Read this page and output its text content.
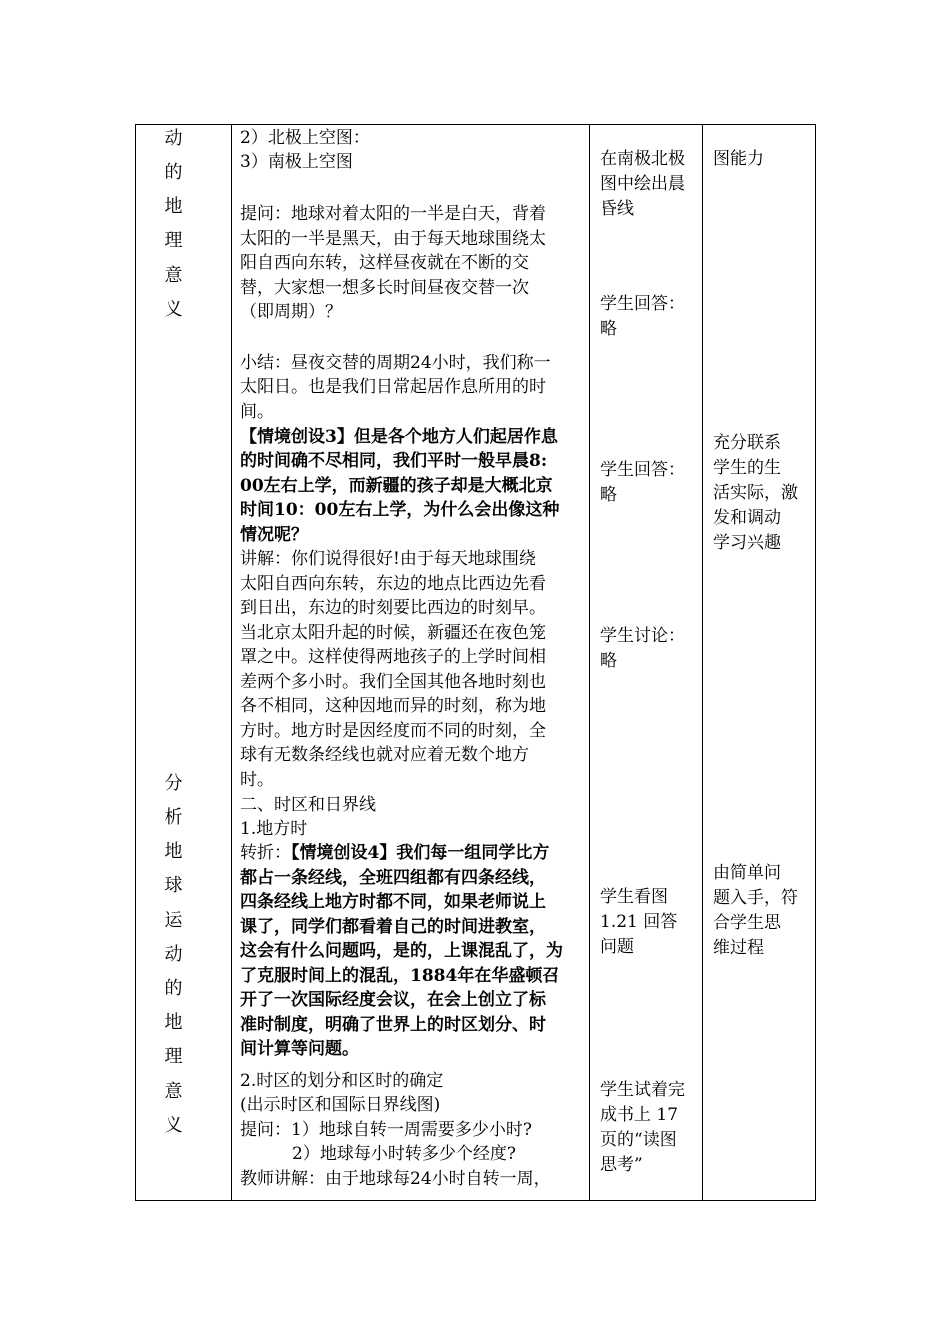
动
的
地
理
意
义
分
析
地
球
运
动
的
地
理
意
义
2）北极上空图：
3）南极上空图
提问：地球对着太阳的一半是白天，背着
太阳的一半是黑天，由于每天地球围绕太
阳自西向东转，这样昼夜就在不断的交
替，大家想一想多长时间昼夜交替一次
（即周期）？
小结：昼夜交替的周期24小时，我们称一
太阳日。也是我们日常起居作息所用的时
间。
【情境创设3】但是各个地方人们起居作息
的时间确不尽相同，我们平时一般早晨8:
00左右上学，而新疆的孩子却是大概北京
时间10：00左右上学，为什么会出像这种
情况呢？
讲解：你们说得很好!由于每天地球围绕
太阳自西向东转，东边的地点比西边先看
到日出，东边的时刻要比西边的时刻早。
当北京太阳升起的时候，新疆还在夜色笼
罩之中。这样使得两地孩子的上学时间相
差两个多小时。我们全国其他各地时刻也
各不相同，这种因地而异的时刻，称为地
方时。地方时是因经度而不同的时刻，全
球有无数条经线也就对应着无数个地方
时。
二、时区和日界线
1.地方时
转折：【情境创设4】我们每一组同学比方
都占一条经线，全班四组都有四条经线，
四条经线上地方时都不同，如果老师说上
课了，同学们都看着自己的时间进教室，
这会有什么问题吗，是的，上课混乱了，为
了克服时间上的混乱，1884年在华盛顿召
开了一次国际经度会议，在会上创立了标
准时制度，明确了世界上的时区划分、时
间计算等问题。
2.时区的划分和区时的确定
(出示时区和国际日界线图)
提问：1）地球自转一周需要多少小时?
2）地球每小时转多少个经度?
教师讲解：由于地球每24小时自转一周，
在南极北极
图中绘出晨
昏线
学生回答：
略
学生回答：
略
学生讨论：
略
学生看图
1.21 回答
问题
学生试着完
成书上 17
页的“读图
思考”
图能力
充分联系
学生的生
活实际，激
发和调动
学习兴趣
由简单问
题入手，符
合学生思
维过程
